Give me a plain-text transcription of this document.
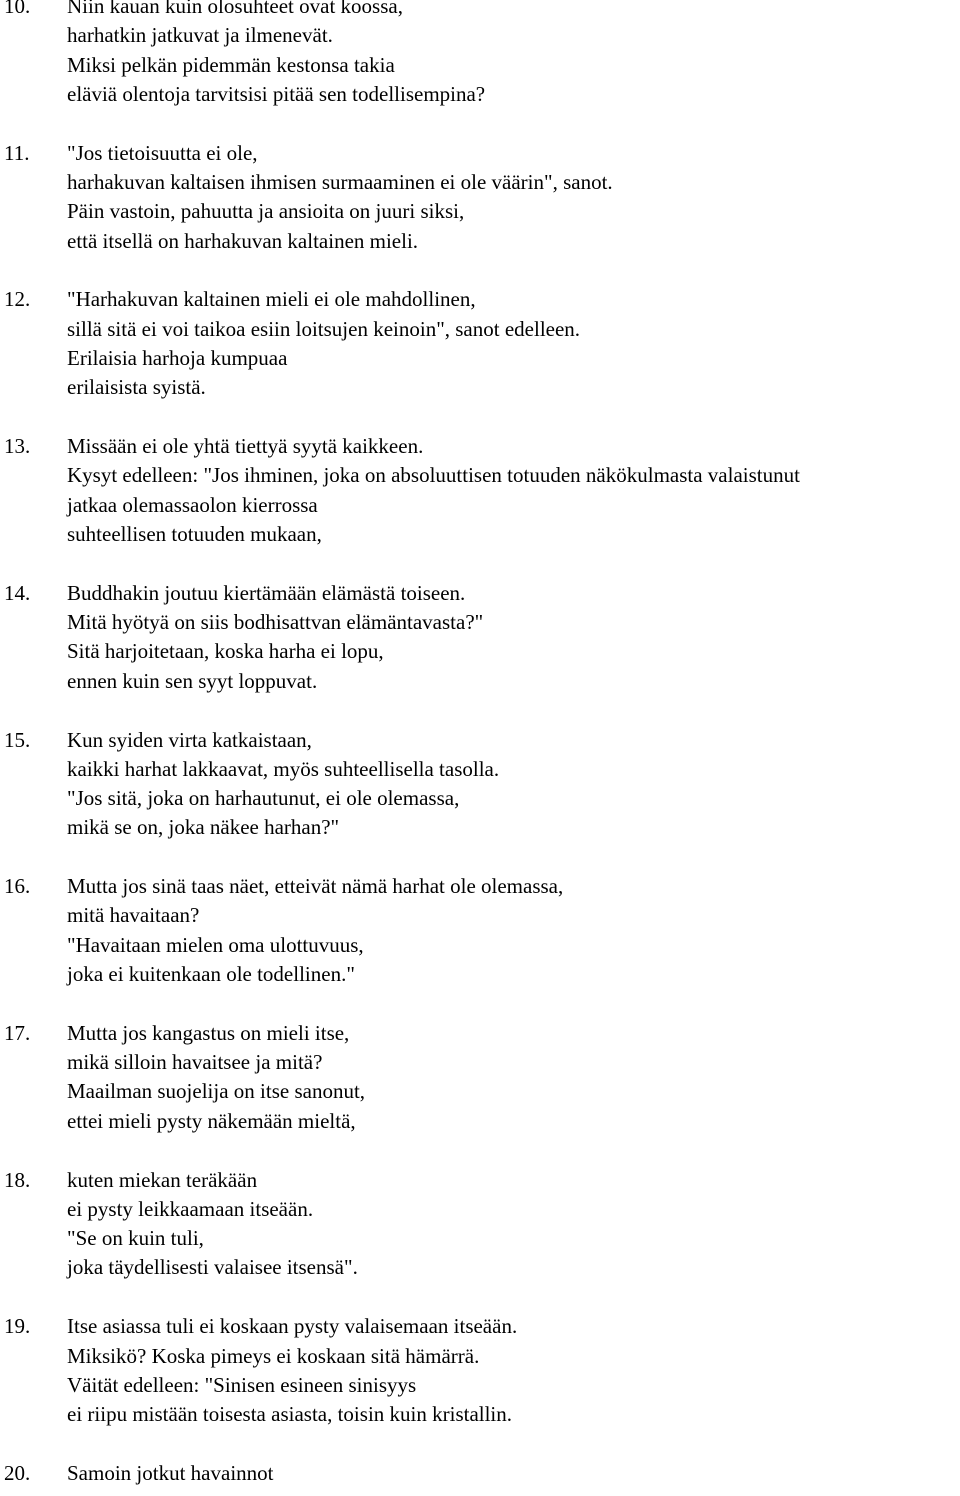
10.	Niin kauan kuin olosuhteet ovat koossa,
harhatkin jatkuvat ja ilmenevät.
Miksi pelkän pidemmän kestonsa takia
eläviä olentoja tarvitsisi pitää sen todellisempina?
11.	"Jos tietoisuutta ei ole,
harhakuvan kaltaisen ihmisen surmaaminen ei ole väärin", sanot.
Päin vastoin, pahuutta ja ansioita on juuri siksi,
että itsellä on harhakuvan kaltainen mieli.
12.	"Harhakuvan kaltainen mieli ei ole mahdollinen,
sillä sitä ei voi taikoa esiin loitsujen keinoin", sanot edelleen.
Erilaisia harhoja kumpuaa
erilaisista syistä.
13.	Missään ei ole yhtä tiettyä syytä kaikkeen.
Kysyt edelleen: "Jos ihminen, joka on absoluuttisen totuuden näkökulmasta valaistunut
jatkaa olemassaolon kierrossa
suhteellisen totuuden mukaan,
14.	Buddhakin joutuu kiertämään elämästä toiseen.
Mitä hyötyä on siis bodhisattvan elämäntavasta?"
Sitä harjoitetaan, koska harha ei lopu,
ennen kuin sen syyt loppuvat.
15.	Kun syiden virta katkaistaan,
kaikki harhat lakkaavat, myös suhteellisella tasolla.
"Jos sitä, joka on harhautunut, ei ole olemassa,
mikä se on, joka näkee harhan?"
16.	Mutta jos sinä taas näet, etteivät nämä harhat ole olemassa,
mitä havaitaan?
"Havaitaan mielen oma ulottuvuus,
joka ei kuitenkaan ole todellinen."
17.	Mutta jos kangastus on mieli itse,
mikä silloin havaitsee ja mitä?
Maailman suojelija on itse sanonut,
ettei mieli pysty näkemään mieltä,
18.	kuten miekan teräkään
ei pysty leikkaamaan itseään.
"Se on kuin tuli,
joka täydellisesti valaisee itsensä".
19.	Itse asiassa tuli ei koskaan pysty valaisemaan itseään.
Miksikö? Koska pimeys ei koskaan sitä hämärrä.
Väität edelleen: "Sinisen esineen sinisyys
ei riipu mistään toisesta asiasta, toisin kuin kristallin.
20.	Samoin jotkut havainnot
